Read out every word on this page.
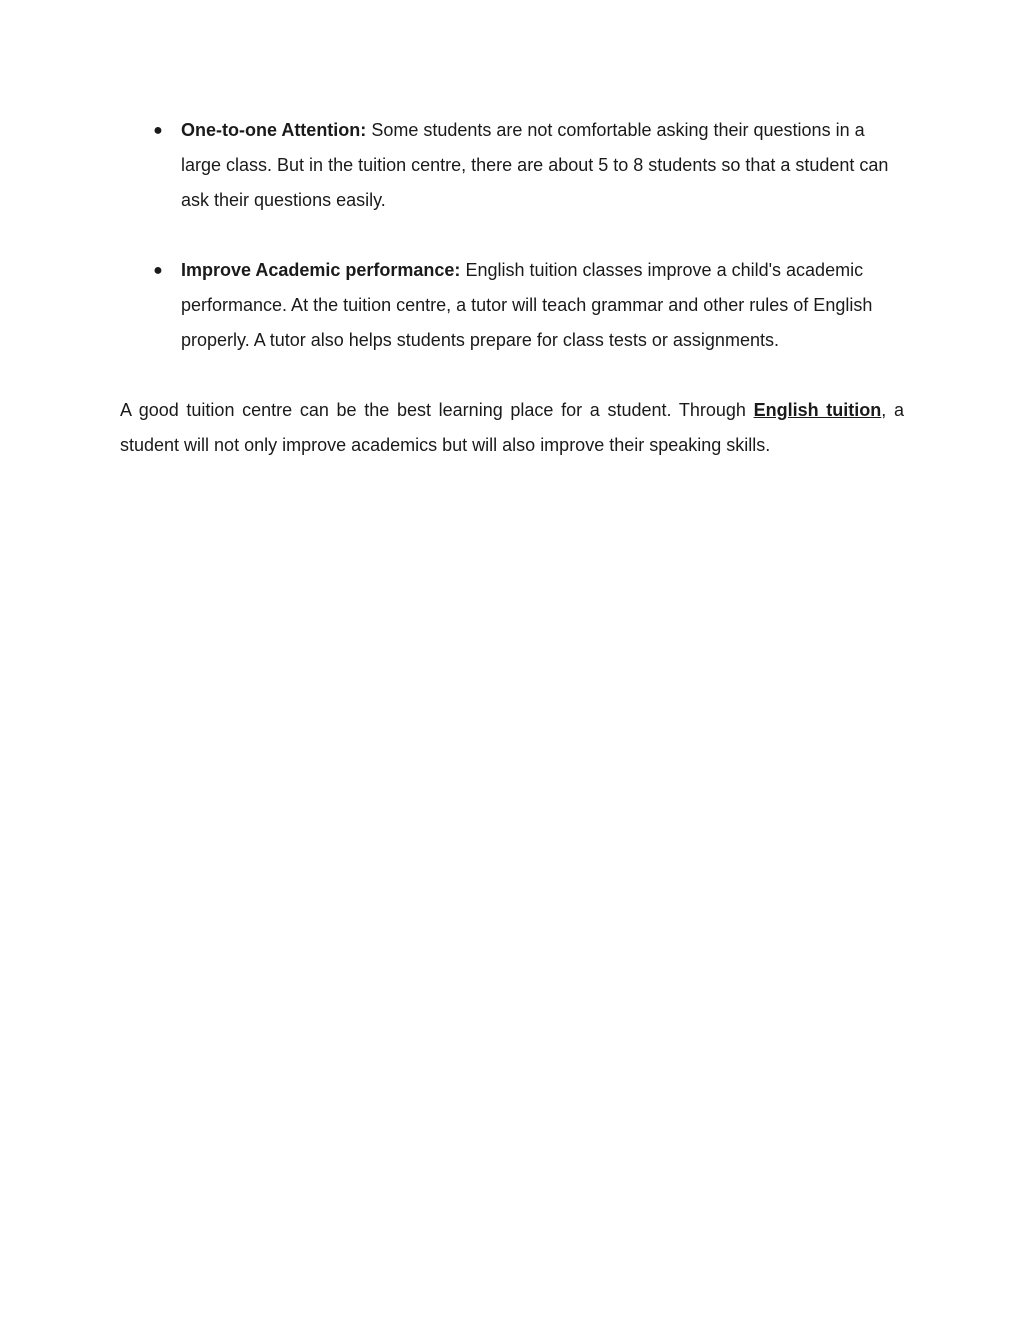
● One-to-one Attention: Some students are not comfortable asking their questions in a large class. But in the tuition centre, there are about 5 to 8 students so that a student can ask their questions easily.
● Improve Academic performance: English tuition classes improve a child's academic performance. At the tuition centre, a tutor will teach grammar and other rules of English properly. A tutor also helps students prepare for class tests or assignments.

A good tuition centre can be the best learning place for a student. Through English tuition, a student will not only improve academics but will also improve their speaking skills.
